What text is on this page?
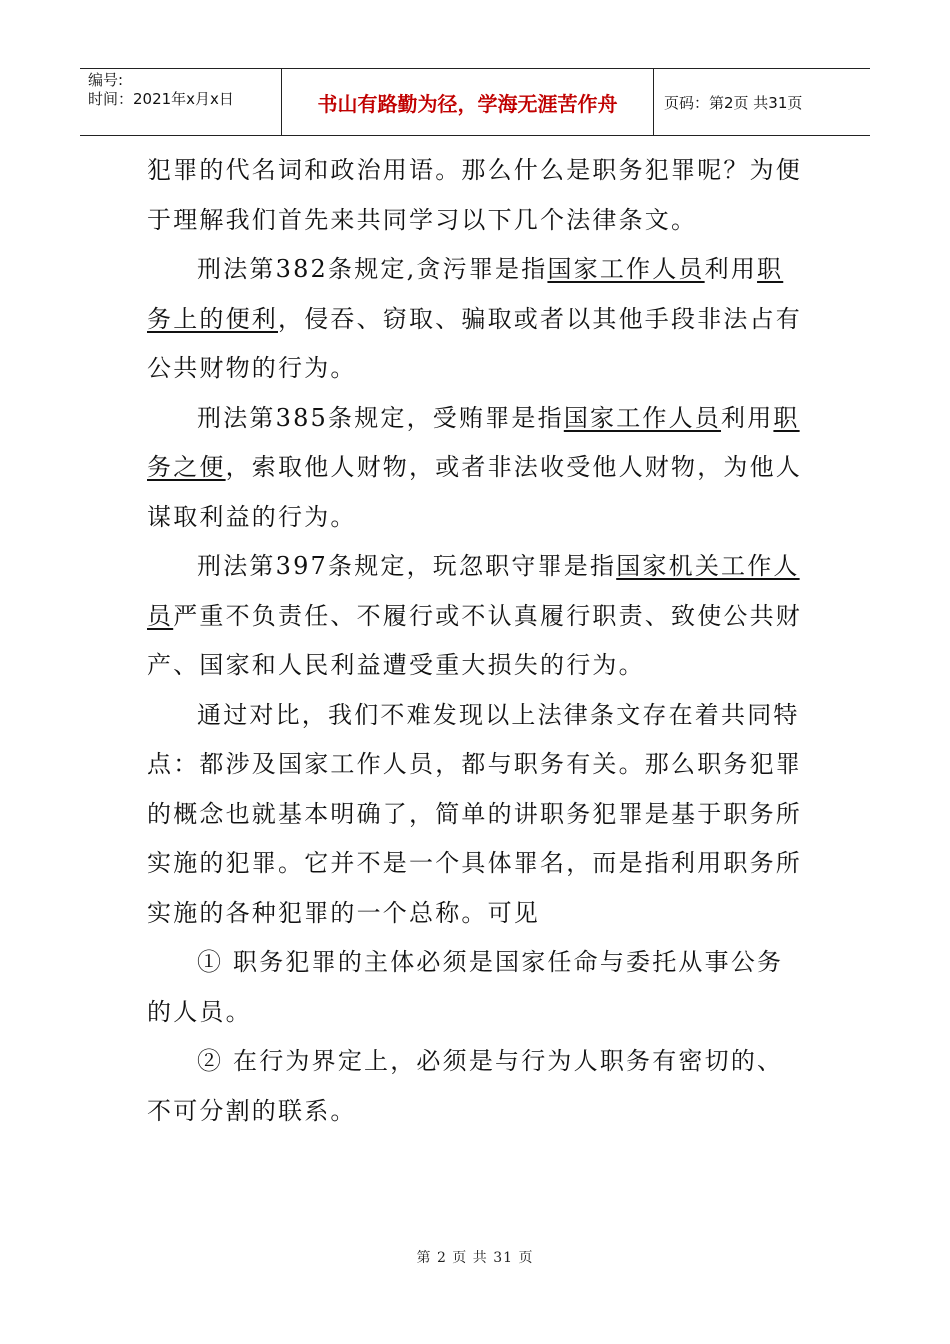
编号:
时间：2021年x月x日	书山有路勤为径，学海无涯苦作舟	页码：第2页 共31页

犯罪的代名词和政治用语。那么什么是职务犯罪呢？为便于理解我们首先来共同学习以下几个法律条文。

刑法第382条规定,贪污罪是指国家工作人员利用职务上的便利，侵吞、窃取、骗取或者以其他手段非法占有公共财物的行为。

刑法第385条规定，受贿罪是指国家工作人员利用职务之便，索取他人财物，或者非法收受他人财物，为他人谋取利益的行为。

刑法第397条规定，玩忽职守罪是指国家机关工作人员严重不负责任、不履行或不认真履行职责、致使公共财产、国家和人民利益遭受重大损失的行为。

通过对比，我们不难发现以上法律条文存在着共同特点：都涉及国家工作人员，都与职务有关。那么职务犯罪的概念也就基本明确了，简单的讲职务犯罪是基于职务所实施的犯罪。它并不是一个具体罪名，而是指利用职务所实施的各种犯罪的一个总称。可见

① 职务犯罪的主体必须是国家任命与委托从事公务的人员。

② 在行为界定上，必须是与行为人职务有密切的、不可分割的联系。

第 2 页 共 31 页
